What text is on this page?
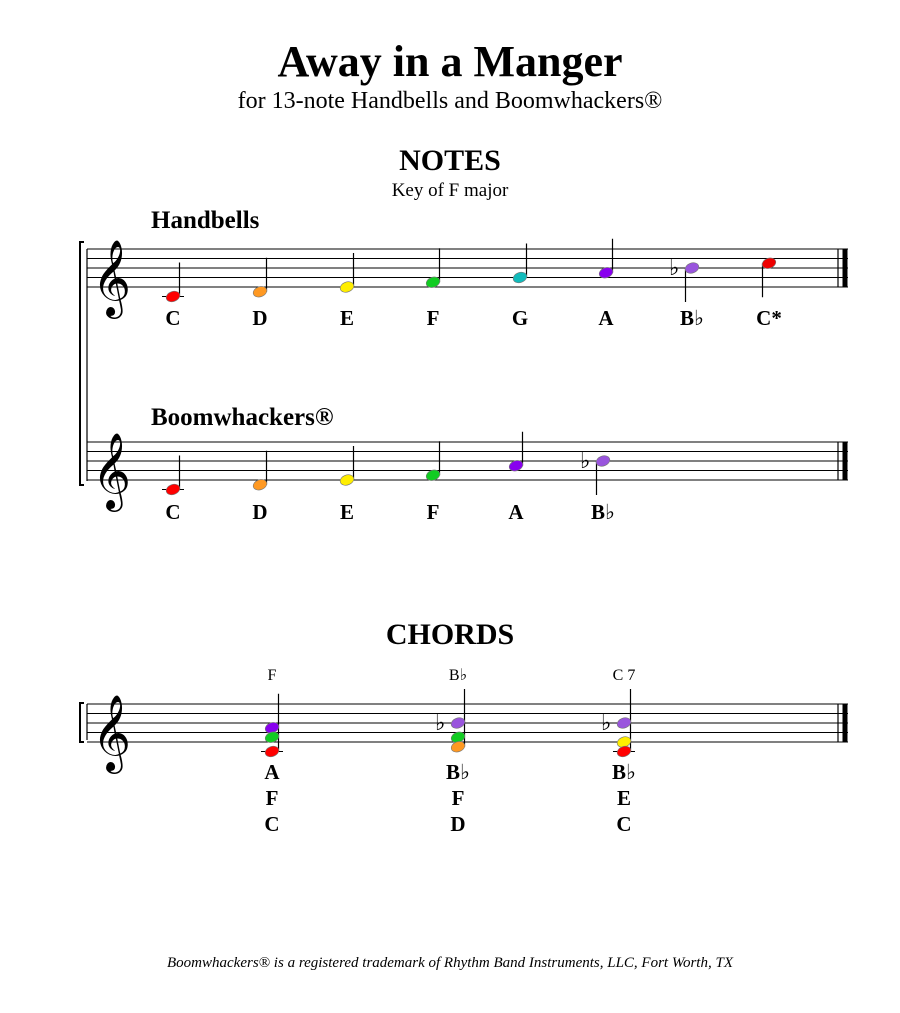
Away in a Manger
for 13-note Handbells and Boomwhackers®
NOTES
Key of F major
Handbells
Boomwhackers®
CHORDS
Boomwhackers® is a registered trademark of Rhythm Band Instruments, LLC, Fort Worth, TX
𝄞
C	D	E	F	G	A
♭
B♭ C*
𝄞
C	D	E	F	A
♭
B♭
𝄞
F
A
F
C
B♭
♭
B♭
F
D
C 7
♭
B♭
E
C
